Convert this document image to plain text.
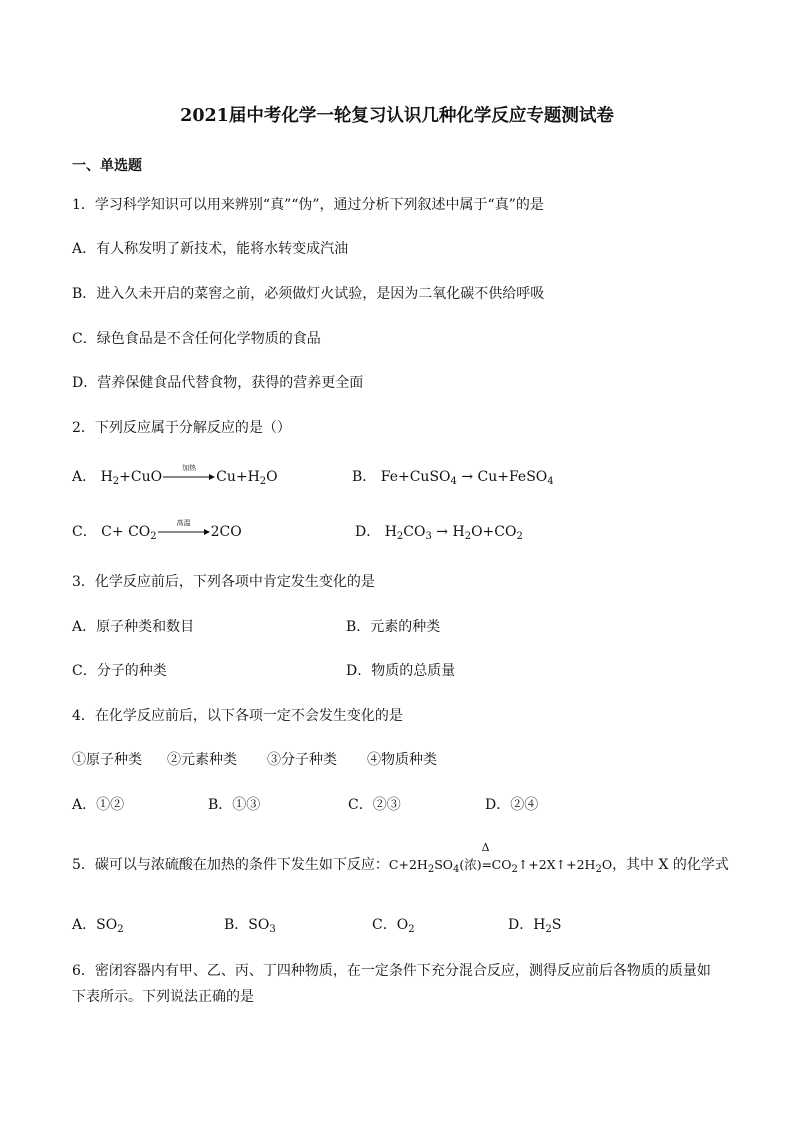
2021届中考化学一轮复习认识几种化学反应专题测试卷
一、单选题
1．学习科学知识可以用来辨别“真”“伪”，通过分析下列叙述中属于“真”的是
A．有人称发明了新技术，能将水转变成汽油
B．进入久未开启的菜窖之前，必须做灯火试验，是因为二氧化碳不供给呼吸
C．绿色食品是不含任何化学物质的食品
D．营养保健食品代替食物，获得的营养更全面
2．下列反应属于分解反应的是（）
A． $H_2+CuO$
加热
$Cu+H_2O$	B． Fe+CuSO$_4$ → Cu+FeSO$_4$
C． $C+ CO_2$
高温
2CO	D． $H_2CO_3 \to H_2O+CO_2$
3．化学反应前后，下列各项中肯定发生变化的是
A．原子种类和数目	B．元素的种类
C．分子的种类	D．物质的总质量
4．在化学反应前后，以下各项一定不会发生变化的是
①原子种类 ②元素种类 ③分子种类 ④物质种类
A．①②	B．①③	C．②③	D．②④
5．碳可以与浓硫酸在加热的条件下发生如下反应：$C+2H_2SO_4$(浓)
Δ
$=CO_2↑+2X↑+2H_2O$，其中 X 的化学式
A．$SO_2$	B．$SO_3$	C．$O_2$	D．$H_2S$
6．密闭容器内有甲、乙、丙、丁四种物质，在一定条件下充分混合反应，测得反应前后各物质的质量如下表所示。下列说法正确的是
